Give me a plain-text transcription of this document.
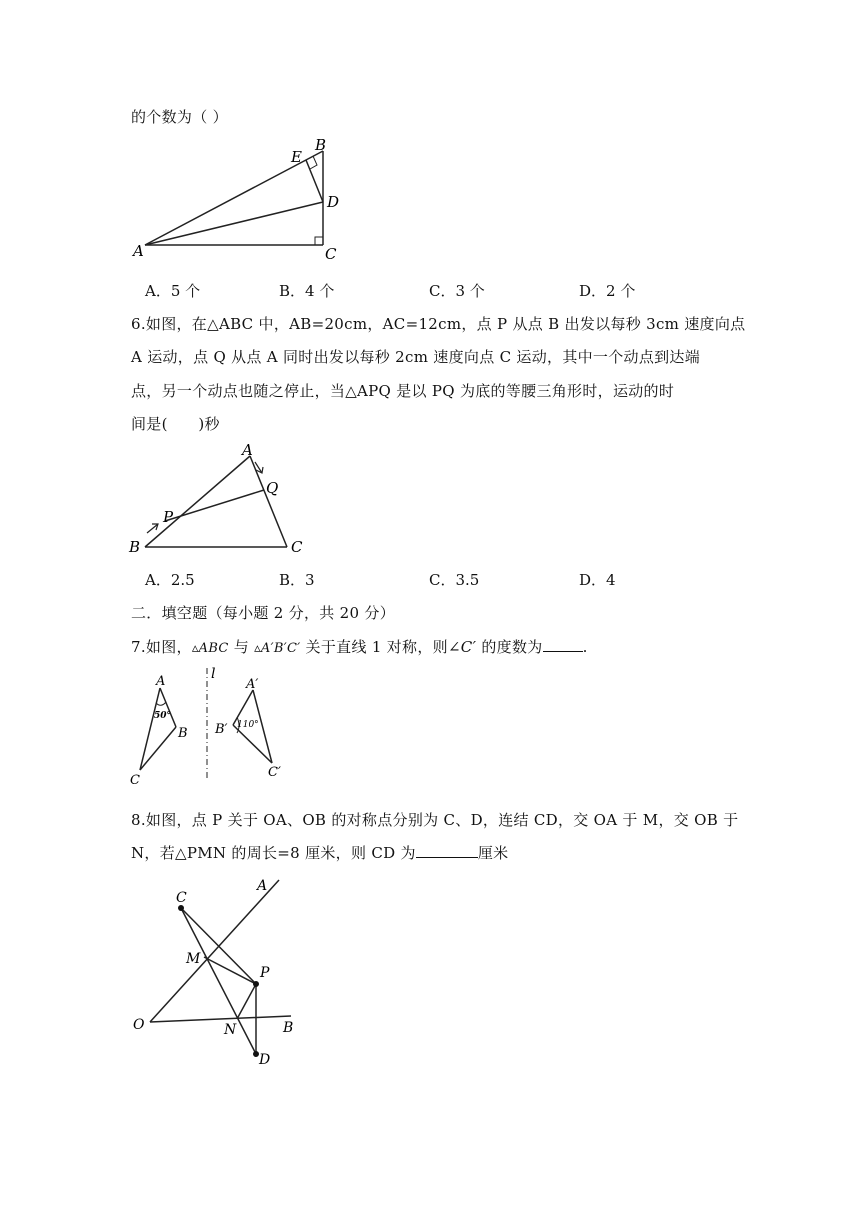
的个数为（ ）
A
B
C
D
E
A．5 个	B．4 个	C．3 个	D．2 个
6.如图，在△ABC 中，AB=20cm，AC=12cm，点 P 从点 B 出发以每秒 3cm 速度向点
A 运动，点 Q 从点 A 同时出发以每秒 2cm 速度向点 C 运动，其中一个动点到达端
点，另一个动点也随之停止，当△APQ 是以 PQ 为底的等腰三角形时，运动的时
间是(　　)秒
A
B	C
P
Q
A．2.5	B．3	C．3.5	D．4
二．填空题（每小题 2 分，共 20 分）
7.如图，▵ABC 与 ▵A′B′C′ 关于直线 1 对称，则∠C′ 的度数为	.
l
A
B
C
A′
B′
C′
50°
110°
8.如图，点 P 关于 OA、OB 的对称点分别为 C、D，连结 CD，交 OA 于 M，交 OB 于
N，若△PMN 的周长=8 厘米，则 CD 为	厘米
C
A
M
P
O	N	B
D
